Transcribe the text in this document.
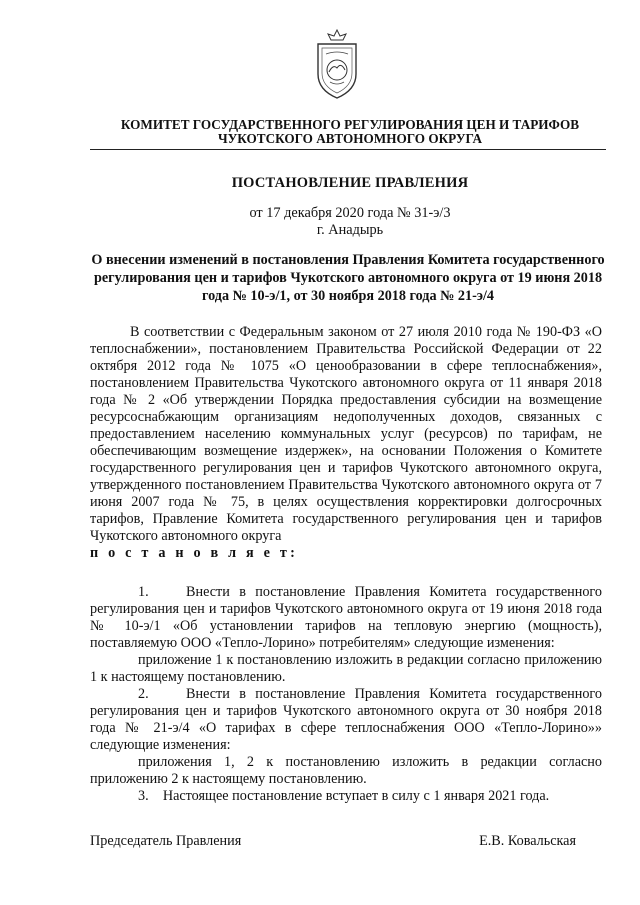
КОМИТЕТ ГОСУДАРСТВЕННОГО РЕГУЛИРОВАНИЯ ЦЕН И ТАРИФОВ ЧУКОТСКОГО АВТОНОМНОГО ОКРУГА
ПОСТАНОВЛЕНИЕ ПРАВЛЕНИЯ
от 17 декабря 2020 года № 31-э/3
г. Анадырь
О внесении изменений в постановления Правления Комитета государственного регулирования цен и тарифов Чукотского автономного округа от 19 июня 2018 года № 10-э/1, от 30 ноября 2018 года № 21-э/4

В соответствии с Федеральным законом от 27 июля 2010 года № 190-ФЗ «О теплоснабжении», постановлением Правительства Российской Федерации от 22 октября 2012 года № 1075 «О ценообразовании в сфере теплоснабжения», постановлением Правительства Чукотского автономного округа от 11 января 2018 года № 2 «Об утверждении Порядка предоставления субсидии на возмещение ресурсоснабжающим организациям недополученных доходов, связанных с предоставлением населению коммунальных услуг (ресурсов) по тарифам, не обеспечивающим возмещение издержек», на основании Положения о Комитете государственного регулирования цен и тарифов Чукотского автономного округа, утвержденного постановлением Правительства Чукотского автономного округа от 7 июня 2007 года № 75, в целях осуществления корректировки долгосрочных тарифов, Правление Комитета государственного регулирования цен и тарифов Чукотского автономного округа

п о с т а н о в л я е т:

1.    Внести в постановление Правления Комитета государственного регулирования цен и тарифов Чукотского автономного округа от 19 июня 2018 года № 10-э/1 «Об установлении тарифов на тепловую энергию (мощность), поставляемую ООО «Тепло-Лорино» потребителям» следующие изменения:

приложение 1 к постановлению изложить в редакции согласно приложению 1 к настоящему постановлению.

2.    Внести в постановление Правления Комитета государственного регулирования цен и тарифов Чукотского автономного округа от 30 ноября 2018 года № 21-э/4 «О тарифах в сфере теплоснабжения ООО «Тепло-Лорино»» следующие изменения:

приложения 1, 2 к постановлению изложить в редакции согласно приложению 2 к настоящему постановлению.

3.    Настоящее постановление вступает в силу с 1 января 2021 года.

Председатель Правления	Е.В. Ковальская
